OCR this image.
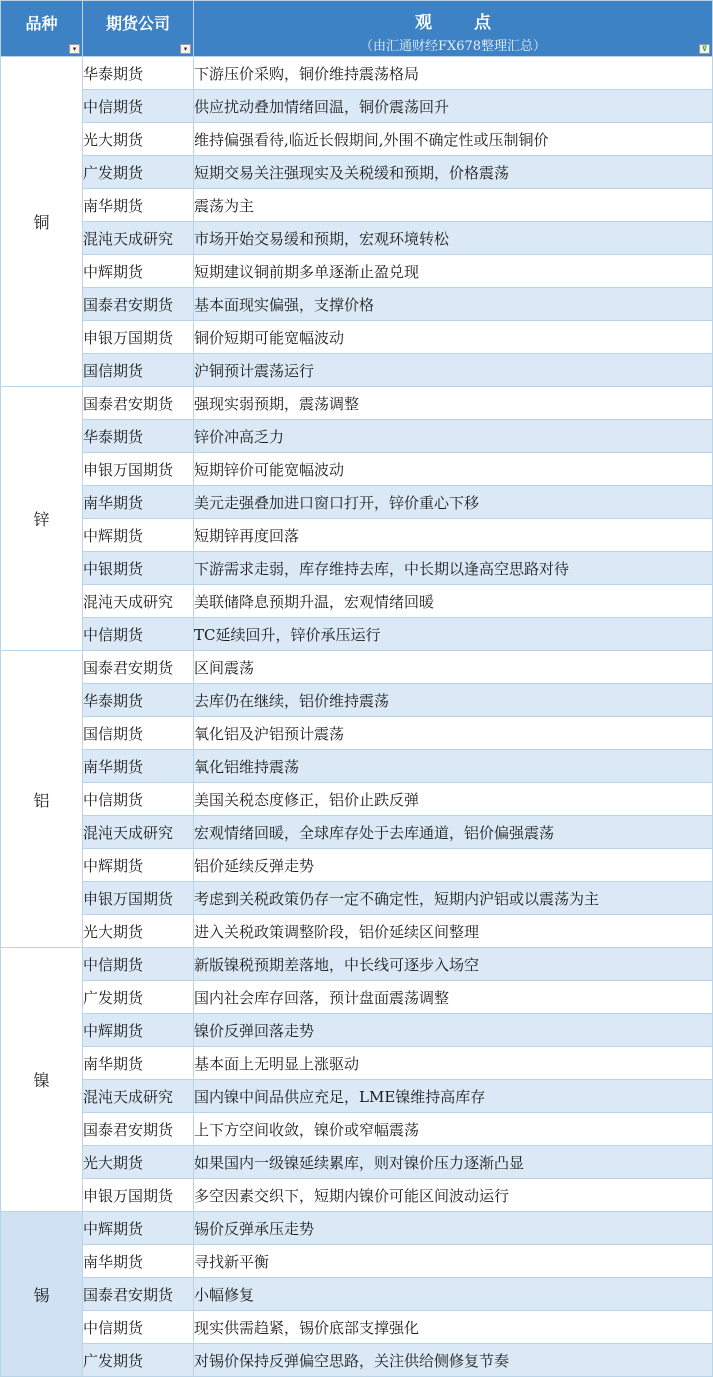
品种
▾	期货公司
▾	观 点
（由汇通财经FX678整理汇总） ⊽

铜	华泰期货	下游压价采购，铜价维持震荡格局
	中信期货	供应扰动叠加情绪回温，铜价震荡回升
	光大期货	维持偏强看待,临近长假期间,外围不确定性或压制铜价
	广发期货	短期交易关注强现实及关税缓和预期，价格震荡
	南华期货	震荡为主
	混沌天成研究	市场开始交易缓和预期，宏观环境转松
	中辉期货	短期建议铜前期多单逐渐止盈兑现
	国泰君安期货	基本面现实偏强，支撑价格
	申银万国期货	铜价短期可能宽幅波动
	国信期货	沪铜预计震荡运行
锌	国泰君安期货	强现实弱预期，震荡调整
	华泰期货	锌价冲高乏力
	申银万国期货	短期锌价可能宽幅波动
	南华期货	美元走强叠加进口窗口打开，锌价重心下移
	中辉期货	短期锌再度回落
	中银期货	下游需求走弱，库存维持去库，中长期以逢高空思路对待
	混沌天成研究	美联储降息预期升温，宏观情绪回暖
	中信期货	TC延续回升，锌价承压运行
铝	国泰君安期货	区间震荡
	华泰期货	去库仍在继续，铝价维持震荡
	国信期货	氧化铝及沪铝预计震荡
	南华期货	氧化铝维持震荡
	中信期货	美国关税态度修正，铝价止跌反弹
	混沌天成研究	宏观情绪回暖，全球库存处于去库通道，铝价偏强震荡
	中辉期货	铝价延续反弹走势
	申银万国期货	考虑到关税政策仍存一定不确定性，短期内沪铝或以震荡为主
	光大期货	进入关税政策调整阶段，铝价延续区间整理
镍	中信期货	新版镍税预期差落地，中长线可逐步入场空
	广发期货	国内社会库存回落，预计盘面震荡调整
	中辉期货	镍价反弹回落走势
	南华期货	基本面上无明显上涨驱动
	混沌天成研究	国内镍中间品供应充足，LME镍维持高库存
	国泰君安期货	上下方空间收敛，镍价或窄幅震荡
	光大期货	如果国内一级镍延续累库，则对镍价压力逐渐凸显
	申银万国期货	多空因素交织下，短期内镍价可能区间波动运行
锡	中辉期货	锡价反弹承压走势
	南华期货	寻找新平衡
	国泰君安期货	小幅修复
	中信期货	现实供需趋紧，锡价底部支撑强化
	广发期货	对锡价保持反弹偏空思路，关注供给侧修复节奏
